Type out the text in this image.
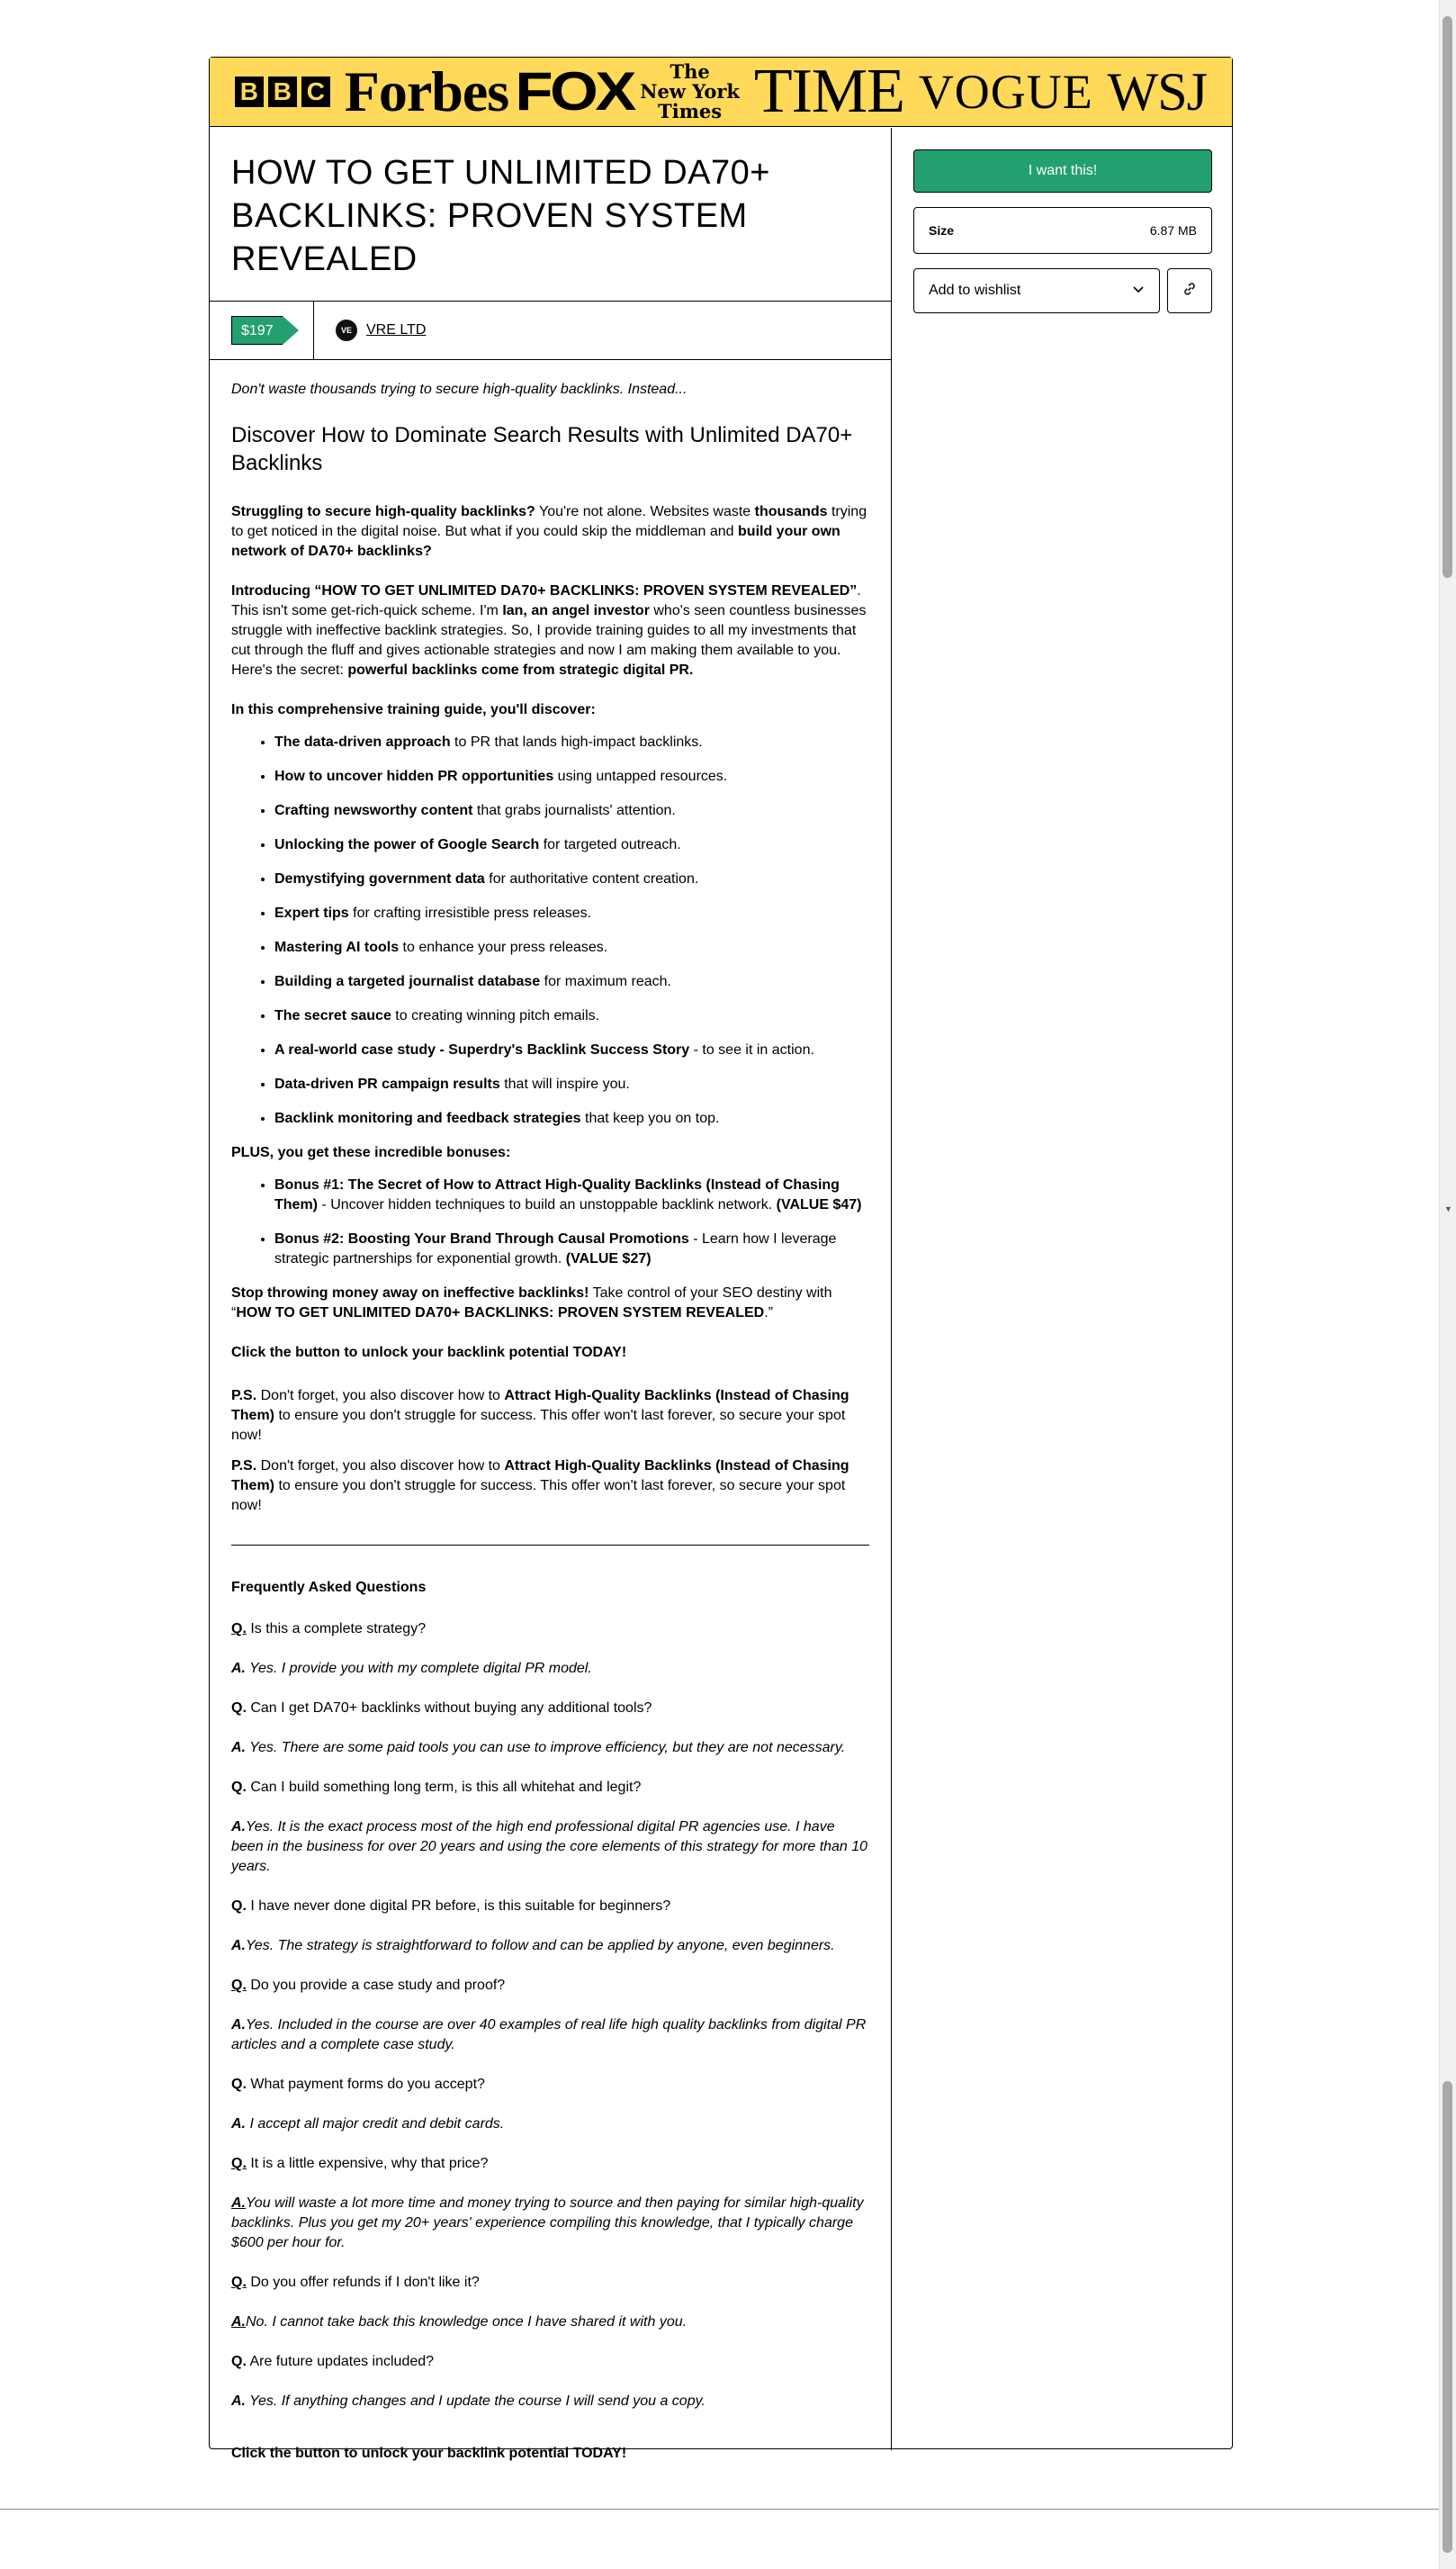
B B C Forbes FOX	The
New York
Times TIME VOGUE WSJ
HOW TO GET UNLIMITED DA70+ BACKLINKS: PROVEN SYSTEM REVEALED
$197	VE	VRE LTD

Don't waste thousands trying to secure high-quality backlinks. Instead...

Discover How to Dominate Search Results with Unlimited DA70+ Backlinks

Struggling to secure high-quality backlinks? You're not alone. Websites waste thousands trying to get noticed in the digital noise. But what if you could skip the middleman and build your own network of DA70+ backlinks?

Introducing “HOW TO GET UNLIMITED DA70+ BACKLINKS: PROVEN SYSTEM REVEALED”. This isn't some get-rich-quick scheme. I'm Ian, an angel investor who's seen countless businesses struggle with ineffective backlink strategies. So, I provide training guides to all my investments that cut through the fluff and gives actionable strategies and now I am making them available to you. Here's the secret: powerful backlinks come from strategic digital PR.

In this comprehensive training guide, you'll discover:

• The data-driven approach to PR that lands high-impact backlinks.
• How to uncover hidden PR opportunities using untapped resources.
• Crafting newsworthy content that grabs journalists' attention.
• Unlocking the power of Google Search for targeted outreach.
• Demystifying government data for authoritative content creation.
• Expert tips for crafting irresistible press releases.
• Mastering AI tools to enhance your press releases.
• Building a targeted journalist database for maximum reach.
• The secret sauce to creating winning pitch emails.
• A real-world case study - Superdry's Backlink Success Story - to see it in action.
• Data-driven PR campaign results that will inspire you.
• Backlink monitoring and feedback strategies that keep you on top.

PLUS, you get these incredible bonuses:

• Bonus #1: The Secret of How to Attract High-Quality Backlinks (Instead of Chasing Them) - Uncover hidden techniques to build an unstoppable backlink network. (VALUE $47)
• Bonus #2: Boosting Your Brand Through Causal Promotions - Learn how I leverage strategic partnerships for exponential growth. (VALUE $27)

Stop throwing money away on ineffective backlinks! Take control of your SEO destiny with “HOW TO GET UNLIMITED DA70+ BACKLINKS: PROVEN SYSTEM REVEALED.”

Click the button to unlock your backlink potential TODAY!

P.S. Don't forget, you also discover how to Attract High-Quality Backlinks (Instead of Chasing Them) to ensure you don't struggle for success. This offer won't last forever, so secure your spot now!

P.S. Don't forget, you also discover how to Attract High-Quality Backlinks (Instead of Chasing Them) to ensure you don't struggle for success. This offer won't last forever, so secure your spot now!

Frequently Asked Questions

Q. Is this a complete strategy?

A. Yes. I provide you with my complete digital PR model.

Q. Can I get DA70+ backlinks without buying any additional tools?

A. Yes. There are some paid tools you can use to improve efficiency, but they are not necessary.

Q. Can I build something long term, is this all whitehat and legit?

A.Yes. It is the exact process most of the high end professional digital PR agencies use. I have been in the business for over 20 years and using the core elements of this strategy for more than 10 years.

Q. I have never done digital PR before, is this suitable for beginners?

A.Yes. The strategy is straightforward to follow and can be applied by anyone, even beginners.

Q. Do you provide a case study and proof?

A.Yes. Included in the course are over 40 examples of real life high quality backlinks from digital PR articles and a complete case study.

Q. What payment forms do you accept?

A. I accept all major credit and debit cards.

Q. It is a little expensive, why that price?

A.You will waste a lot more time and money trying to source and then paying for similar high-quality backlinks. Plus you get my 20+ years' experience compiling this knowledge, that I typically charge $600 per hour for.

Q. Do you offer refunds if I don't like it?

A.No. I cannot take back this knowledge once I have shared it with you.

Q. Are future updates included?

A. Yes. If anything changes and I update the course I will send you a copy.

Click the button to unlock your backlink potential TODAY!

I want this!
Size	6.87 MB
Add to wishlist
▼
